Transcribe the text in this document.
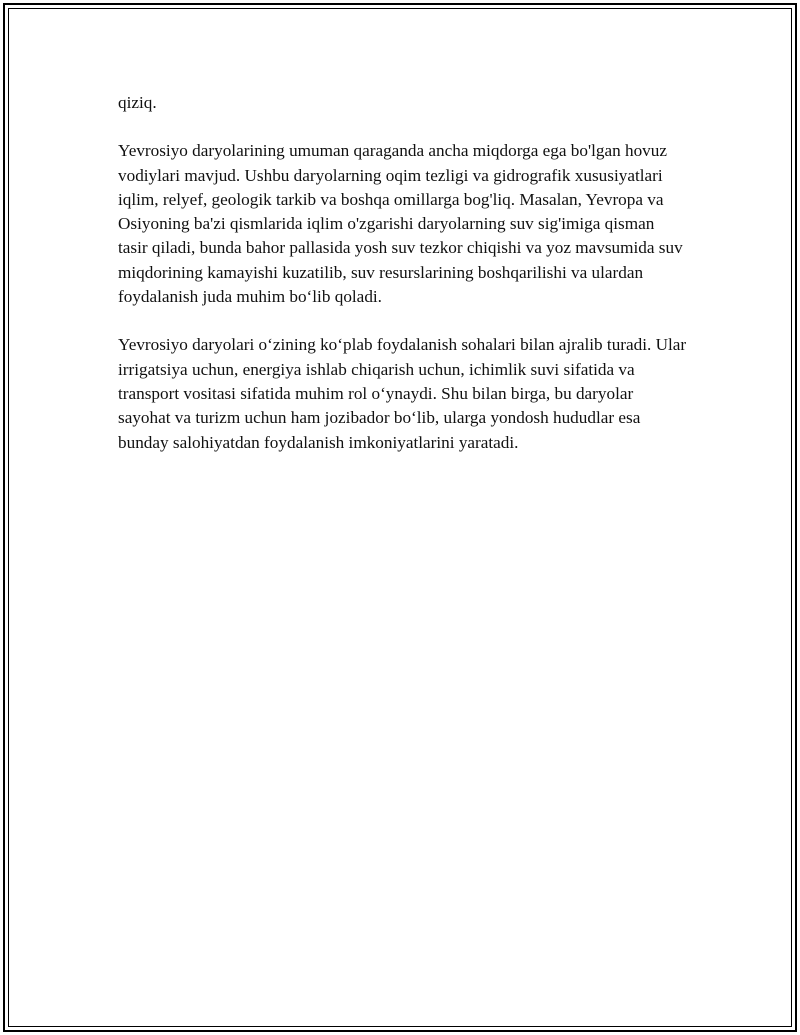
qiziq.

Yevrosiyo daryolarining umuman qaraganda ancha miqdorga ega bo'lgan hovuz vodiylari mavjud. Ushbu daryolarning oqim tezligi va gidrografik xususiyatlari iqlim, relyef, geologik tarkib va boshqa omillarga bog'liq. Masalan, Yevropa va Osiyoning ba'zi qismlarida iqlim o'zgarishi daryolarning suv sig'imiga qisman tasir qiladi, bunda bahor pallasida yosh suv tezkor chiqishi va yoz mavsumida suv miqdorining kamayishi kuzatilib, suv resurslarining boshqarilishi va ulardan foydalanish juda muhim bo‘lib qoladi.

Yevrosiyo daryolari o‘zining ko‘plab foydalanish sohalari bilan ajralib turadi. Ular irrigatsiya uchun, energiya ishlab chiqarish uchun, ichimlik suvi sifatida va transport vositasi sifatida muhim rol o‘ynaydi. Shu bilan birga, bu daryolar sayohat va turizm uchun ham jozibador bo‘lib, ularga yondosh hududlar esa bunday salohiyatdan foydalanish imkoniyatlarini yaratadi.
